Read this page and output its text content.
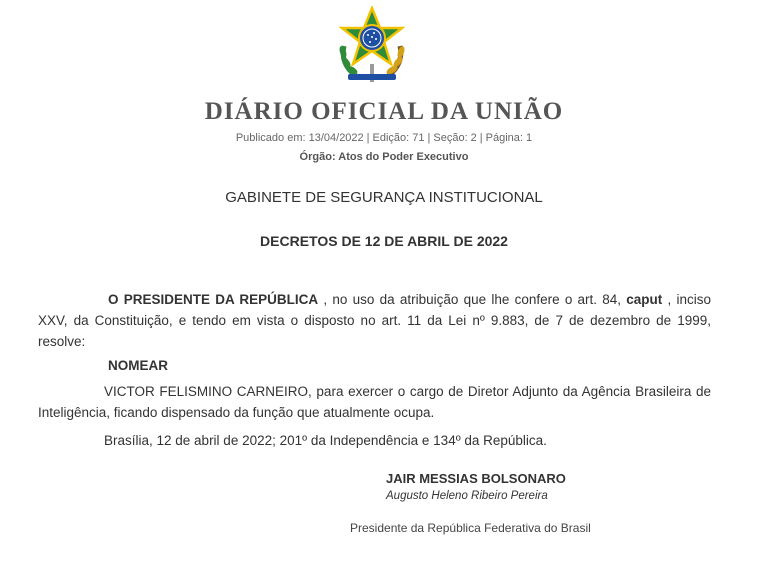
DIÁRIO OFICIAL DA UNIÃO
Publicado em: 13/04/2022 | Edição: 71 | Seção: 2 | Página: 1
Órgão: Atos do Poder Executivo
GABINETE DE SEGURANÇA INSTITUCIONAL
DECRETOS DE 12 DE ABRIL DE 2022
O PRESIDENTE DA REPÚBLICA , no uso da atribuição que lhe confere o art. 84, caput , inciso XXV, da Constituição, e tendo em vista o disposto no art. 11 da Lei nº 9.883, de 7 de dezembro de 1999, resolve:
NOMEAR
VICTOR FELISMINO CARNEIRO, para exercer o cargo de Diretor Adjunto da Agência Brasileira de Inteligência, ficando dispensado da função que atualmente ocupa.
Brasília, 12 de abril de 2022; 201º da Independência e 134º da República.
JAIR MESSIAS BOLSONARO
Augusto Heleno Ribeiro Pereira
Presidente da República Federativa do Brasil
